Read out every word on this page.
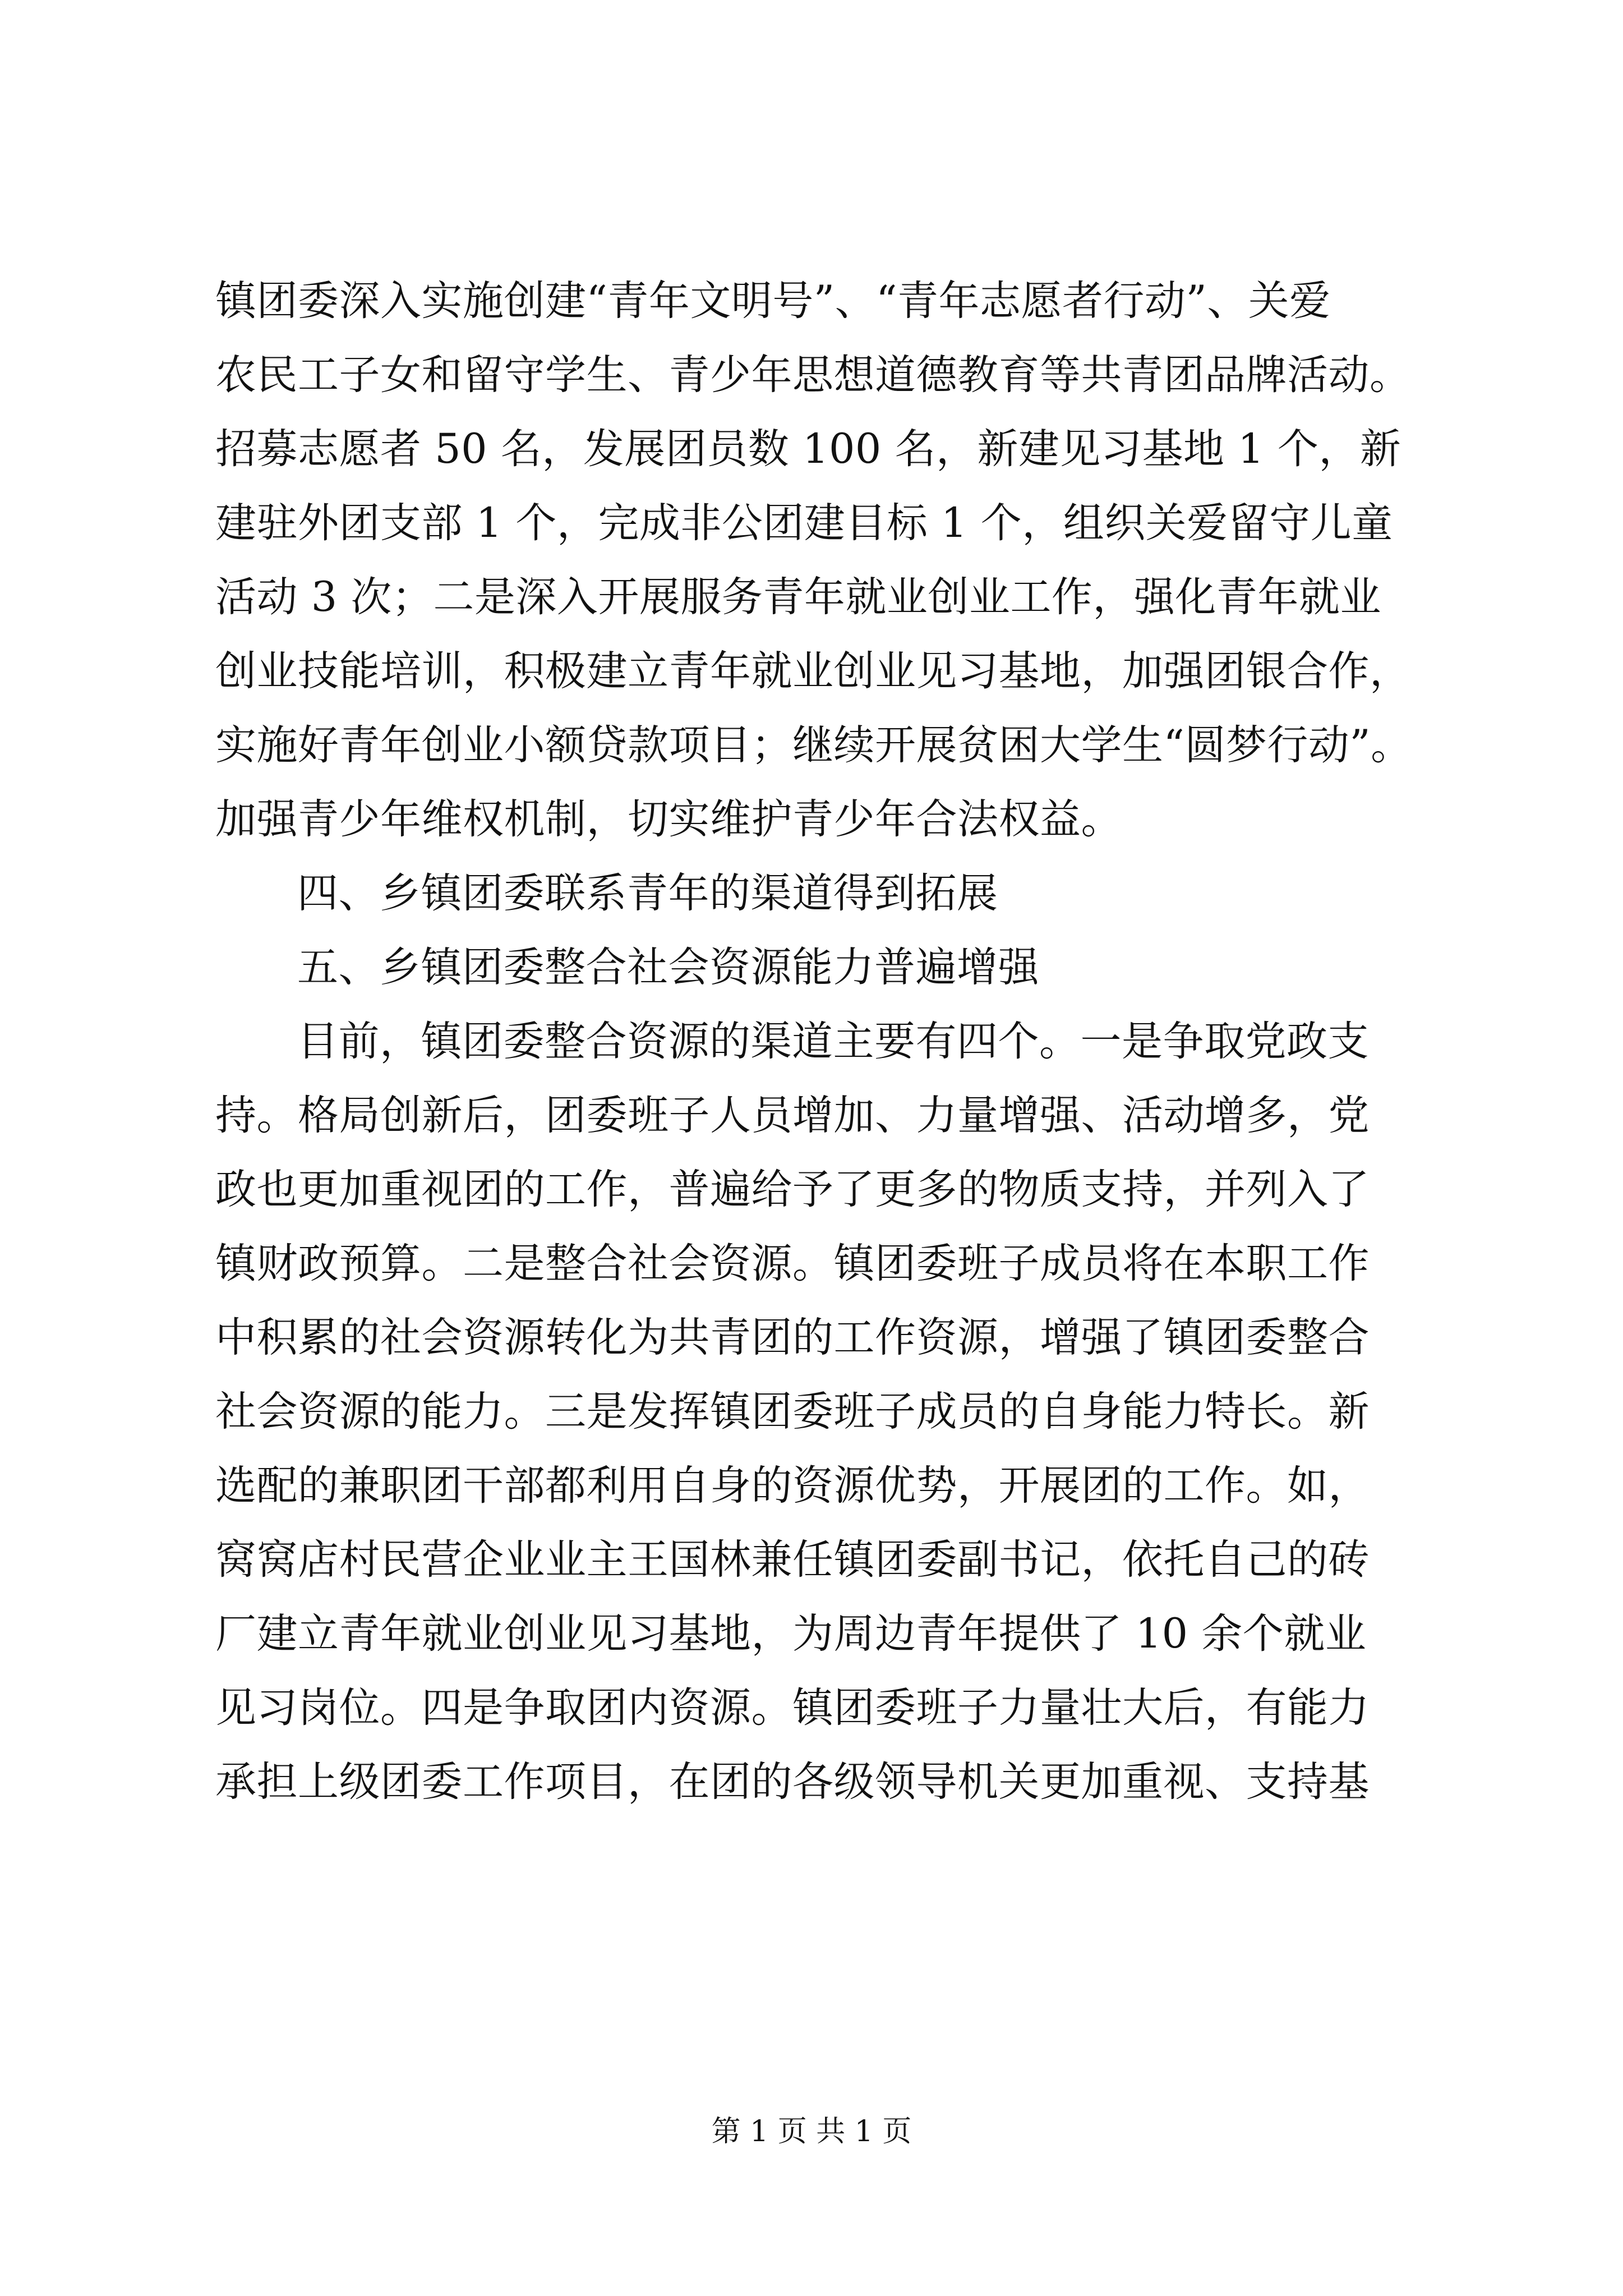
镇团委深入实施创建“青年文明号”、“青年志愿者行动”、关爱
农民工子女和留守学生、青少年思想道德教育等共青团品牌活动。
招募志愿者 50 名，发展团员数 100 名，新建见习基地 1 个，新
建驻外团支部 1 个，完成非公团建目标 1 个，组织关爱留守儿童
活动 3 次；二是深入开展服务青年就业创业工作，强化青年就业
创业技能培训，积极建立青年就业创业见习基地，加强团银合作，
实施好青年创业小额贷款项目；继续开展贫困大学生“圆梦行动”。
加强青少年维权机制，切实维护青少年合法权益。
四、乡镇团委联系青年的渠道得到拓展
五、乡镇团委整合社会资源能力普遍增强
目前，镇团委整合资源的渠道主要有四个。一是争取党政支
持。格局创新后，团委班子人员增加、力量增强、活动增多，党
政也更加重视团的工作，普遍给予了更多的物质支持，并列入了
镇财政预算。二是整合社会资源。镇团委班子成员将在本职工作
中积累的社会资源转化为共青团的工作资源，增强了镇团委整合
社会资源的能力。三是发挥镇团委班子成员的自身能力特长。新
选配的兼职团干部都利用自身的资源优势，开展团的工作。如，
窝窝店村民营企业业主王国林兼任镇团委副书记，依托自己的砖
厂建立青年就业创业见习基地，为周边青年提供了 10 余个就业
见习岗位。四是争取团内资源。镇团委班子力量壮大后，有能力
承担上级团委工作项目，在团的各级领导机关更加重视、支持基
第 1 页 共 1 页
